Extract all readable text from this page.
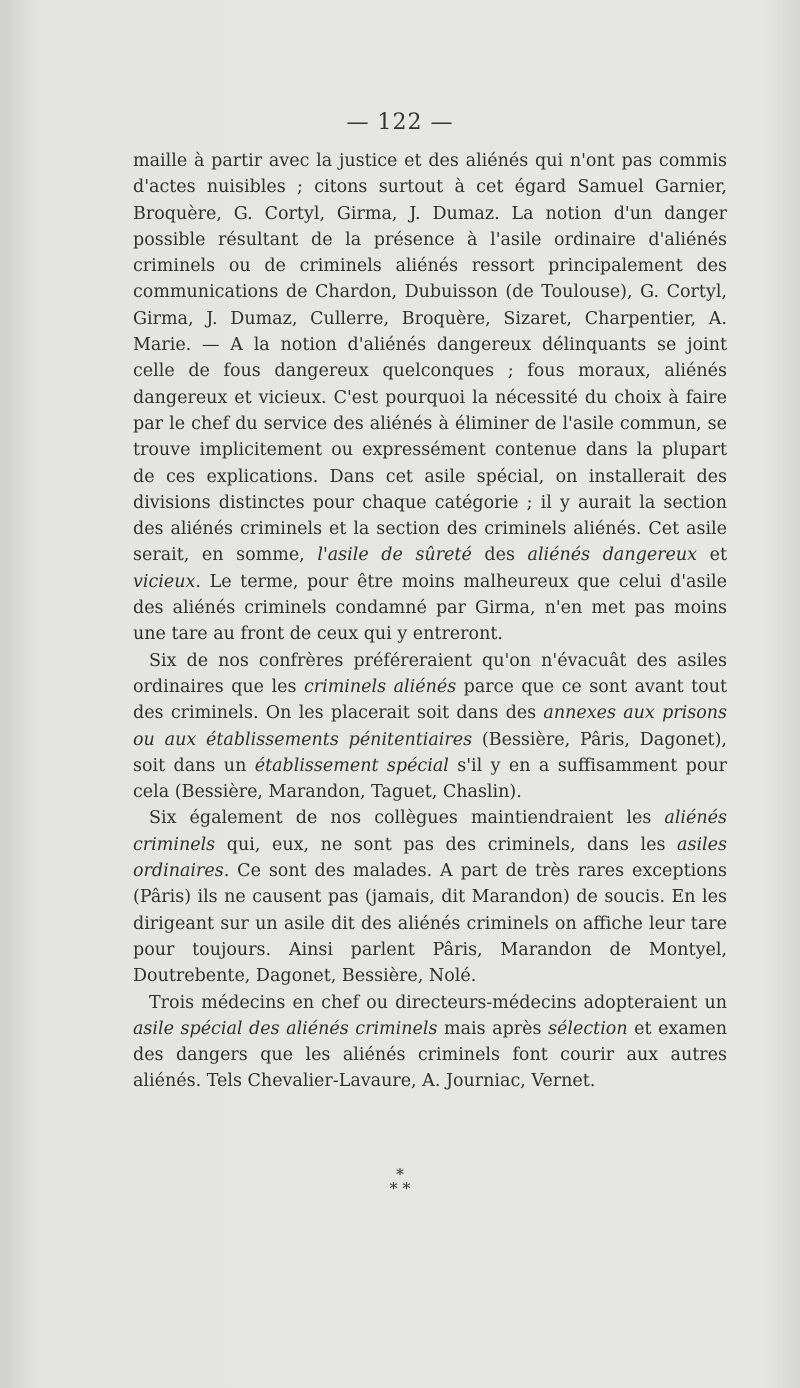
— 122 —

maille à partir avec la justice et des aliénés qui n'ont pas commis d'actes nuisibles ; citons surtout à cet égard Samuel Garnier, Broquère, G. Cortyl, Girma, J. Dumaz. La notion d'un danger possible résultant de la présence à l'asile ordinaire d'aliénés criminels ou de criminels aliénés ressort principalement des communications de Chardon, Dubuisson (de Toulouse), G. Cortyl, Girma, J. Dumaz, Cullerre, Broquère, Sizaret, Charpentier, A. Marie. — A la notion d'aliénés dangereux délinquants se joint celle de fous dangereux quelconques ; fous moraux, aliénés dangereux et vicieux. C'est pourquoi la nécessité du choix à faire par le chef du service des aliénés à éliminer de l'asile commun, se trouve implicitement ou expressément contenue dans la plupart de ces explications. Dans cet asile spécial, on installerait des divisions distinctes pour chaque catégorie ; il y aurait la section des aliénés criminels et la section des criminels aliénés. Cet asile serait, en somme, l'asile de sûreté des aliénés dangereux et vicieux. Le terme, pour être moins malheureux que celui d'asile des aliénés criminels condamné par Girma, n'en met pas moins une tare au front de ceux qui y entreront.

Six de nos confrères préféreraient qu'on n'évacuât des asiles ordinaires que les criminels aliénés parce que ce sont avant tout des criminels. On les placerait soit dans des annexes aux prisons ou aux établissements pénitentiaires (Bessière, Pâris, Dagonet), soit dans un établissement spécial s'il y en a suffisamment pour cela (Bessière, Marandon, Taguet, Chaslin).

Six également de nos collègues maintiendraient les aliénés criminels qui, eux, ne sont pas des criminels, dans les asiles ordinaires. Ce sont des malades. A part de très rares exceptions (Pâris) ils ne causent pas (jamais, dit Marandon) de soucis. En les dirigeant sur un asile dit des aliénés criminels on affiche leur tare pour toujours. Ainsi parlent Pâris, Marandon de Montyel, Doutrebente, Dagonet, Bessière, Nolé.

Trois médecins en chef ou directeurs-médecins adopteraient un asile spécial des aliénés criminels mais après sélection et examen des dangers que les aliénés criminels font courir aux autres aliénés. Tels Chevalier-Lavaure, A. Journiac, Vernet.

*
* *
